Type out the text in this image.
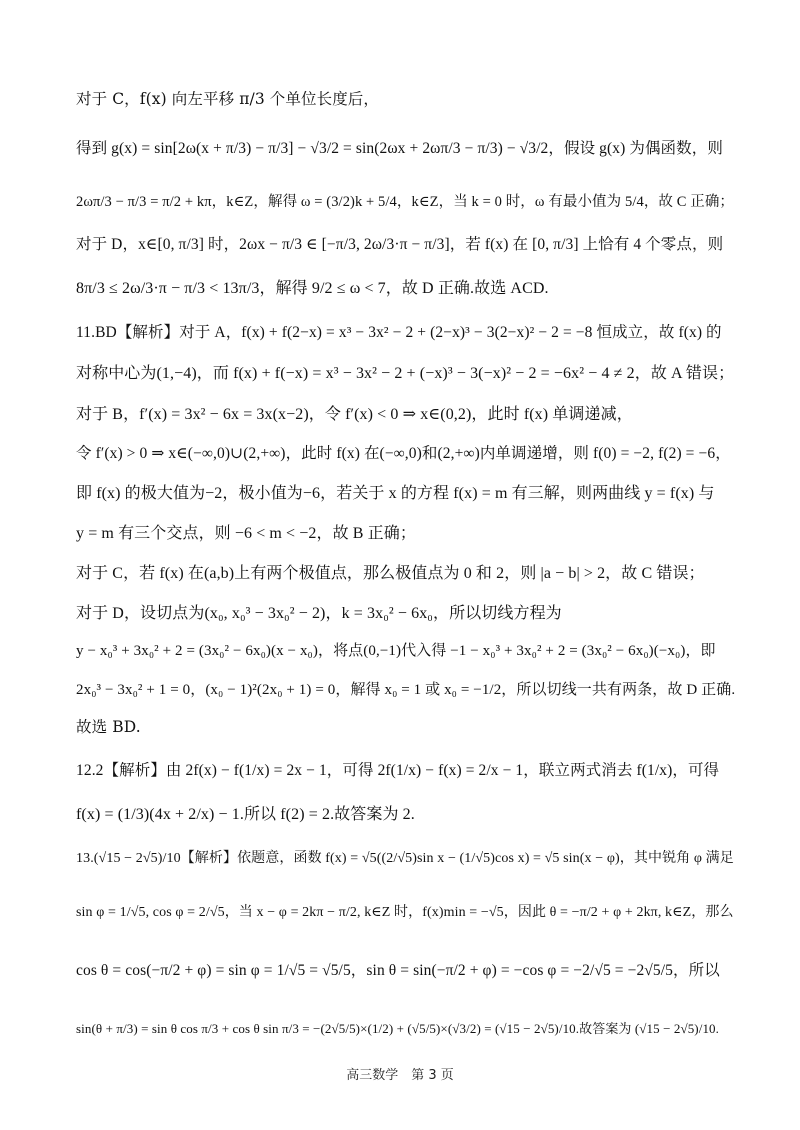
对于 C，f(x) 向左平移 π/3 个单位长度后，
得到 g(x) = sin[2ω(x + π/3) − π/3] − √3/2 = sin(2ωx + 2ωπ/3 − π/3) − √3/2，假设 g(x) 为偶函数，则
2ωπ/3 − π/3 = π/2 + kπ，k∈Z，解得 ω = (3/2)k + 5/4，k∈Z，当 k = 0 时，ω 有最小值为 5/4，故 C 正确；
对于 D，x∈[0, π/3] 时，2ωx − π/3 ∈ [−π/3, 2ω/3·π − π/3]，若 f(x) 在 [0, π/3] 上恰有 4 个零点，则
8π/3 ≤ 2ω/3·π − π/3 < 13π/3，解得 9/2 ≤ ω < 7，故 D 正确.故选 ACD.
11.BD【解析】对于 A，f(x) + f(2−x) = x³ − 3x² − 2 + (2−x)³ − 3(2−x)² − 2 = −8 恒成立，故 f(x) 的
对称中心为(1,−4)，而 f(x) + f(−x) = x³ − 3x² − 2 + (−x)³ − 3(−x)² − 2 = −6x² − 4 ≠ 2，故 A 错误；
对于 B，f′(x) = 3x² − 6x = 3x(x−2)，令 f′(x) < 0 ⇒ x∈(0,2)，此时 f(x) 单调递减，
令 f′(x) > 0 ⇒ x∈(−∞,0)∪(2,+∞)，此时 f(x) 在(−∞,0)和(2,+∞)内单调递增，则 f(0) = −2, f(2) = −6，
即 f(x) 的极大值为−2，极小值为−6，若关于 x 的方程 f(x) = m 有三解，则两曲线 y = f(x) 与
y = m 有三个交点，则 −6 < m < −2，故 B 正确；
对于 C，若 f(x) 在(a,b)上有两个极值点，那么极值点为 0 和 2，则 |a − b| > 2，故 C 错误；
对于 D，设切点为(x₀, x₀³ − 3x₀² − 2)，k = 3x₀² − 6x₀，所以切线方程为
y − x₀³ + 3x₀² + 2 = (3x₀² − 6x₀)(x − x₀)，将点(0,−1)代入得 −1 − x₀³ + 3x₀² + 2 = (3x₀² − 6x₀)(−x₀)，即
2x₀³ − 3x₀² + 1 = 0，(x₀ − 1)²(2x₀ + 1) = 0，解得 x₀ = 1 或 x₀ = −1/2，所以切线一共有两条，故 D 正确.
故选 BD.
12.2【解析】由 2f(x) − f(1/x) = 2x − 1，可得 2f(1/x) − f(x) = 2/x − 1，联立两式消去 f(1/x)，可得
f(x) = (1/3)(4x + 2/x) − 1.所以 f(2) = 2.故答案为 2.
13.(√15 − 2√5)/10【解析】依题意，函数 f(x) = √5((2/√5)sin x − (1/√5)cos x) = √5 sin(x − φ)，其中锐角 φ 满足
sin φ = 1/√5, cos φ = 2/√5，当 x − φ = 2kπ − π/2, k∈Z 时，f(x)min = −√5，因此 θ = −π/2 + φ + 2kπ, k∈Z，那么
cos θ = cos(−π/2 + φ) = sin φ = 1/√5 = √5/5，sin θ = sin(−π/2 + φ) = −cos φ = −2/√5 = −2√5/5，所以
sin(θ + π/3) = sin θ cos π/3 + cos θ sin π/3 = −(2√5/5)×(1/2) + (√5/5)×(√3/2) = (√15 − 2√5)/10.故答案为 (√15 − 2√5)/10.
高三数学　第 3 页
